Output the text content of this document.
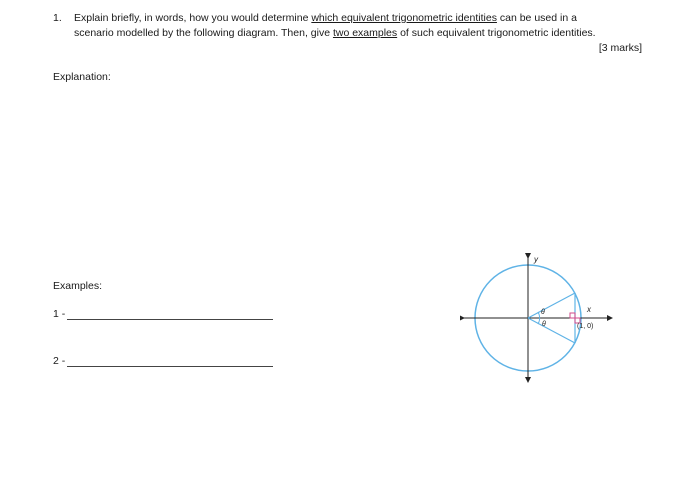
1. Explain briefly, in words, how you would determine which equivalent trigonometric identities can be used in a
scenario modelled by the following diagram. Then, give two examples of such equivalent trigonometric identities.
[3 marks]
Explanation:
Examples:
1 -
2 -
y
x
θ
θ	(1, 0)
